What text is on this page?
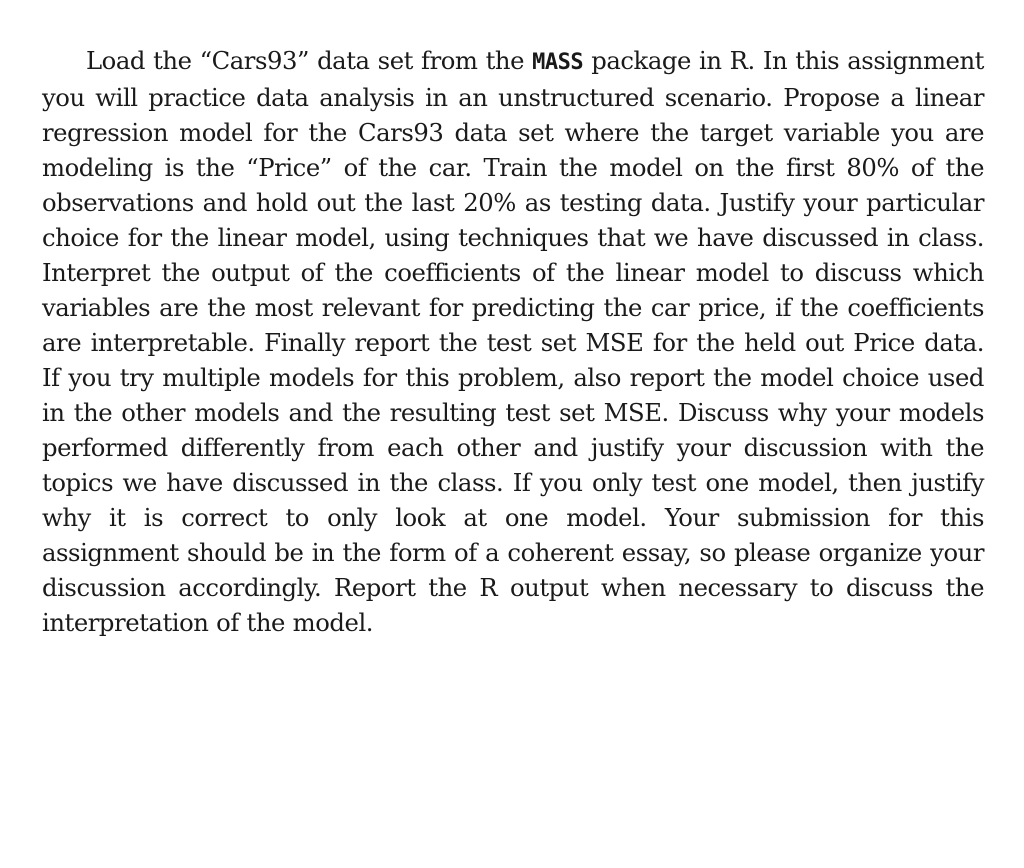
Load the “Cars93” data set from the MASS package in R. In this assignment you will practice data analysis in an unstructured scenario. Propose a linear regression model for the Cars93 data set where the target variable you are modeling is the “Price” of the car. Train the model on the first 80% of the observations and hold out the last 20% as testing data. Justify your particular choice for the linear model, using techniques that we have discussed in class. Interpret the output of the coefficients of the linear model to discuss which variables are the most relevant for predicting the car price, if the coefficients are interpretable. Finally report the test set MSE for the held out Price data. If you try multiple models for this problem, also report the model choice used in the other models and the resulting test set MSE. Discuss why your models performed differently from each other and justify your discussion with the topics we have discussed in the class. If you only test one model, then justify why it is correct to only look at one model. Your submission for this assignment should be in the form of a coherent essay, so please organize your discussion accordingly. Report the R output when necessary to discuss the interpretation of the model.
